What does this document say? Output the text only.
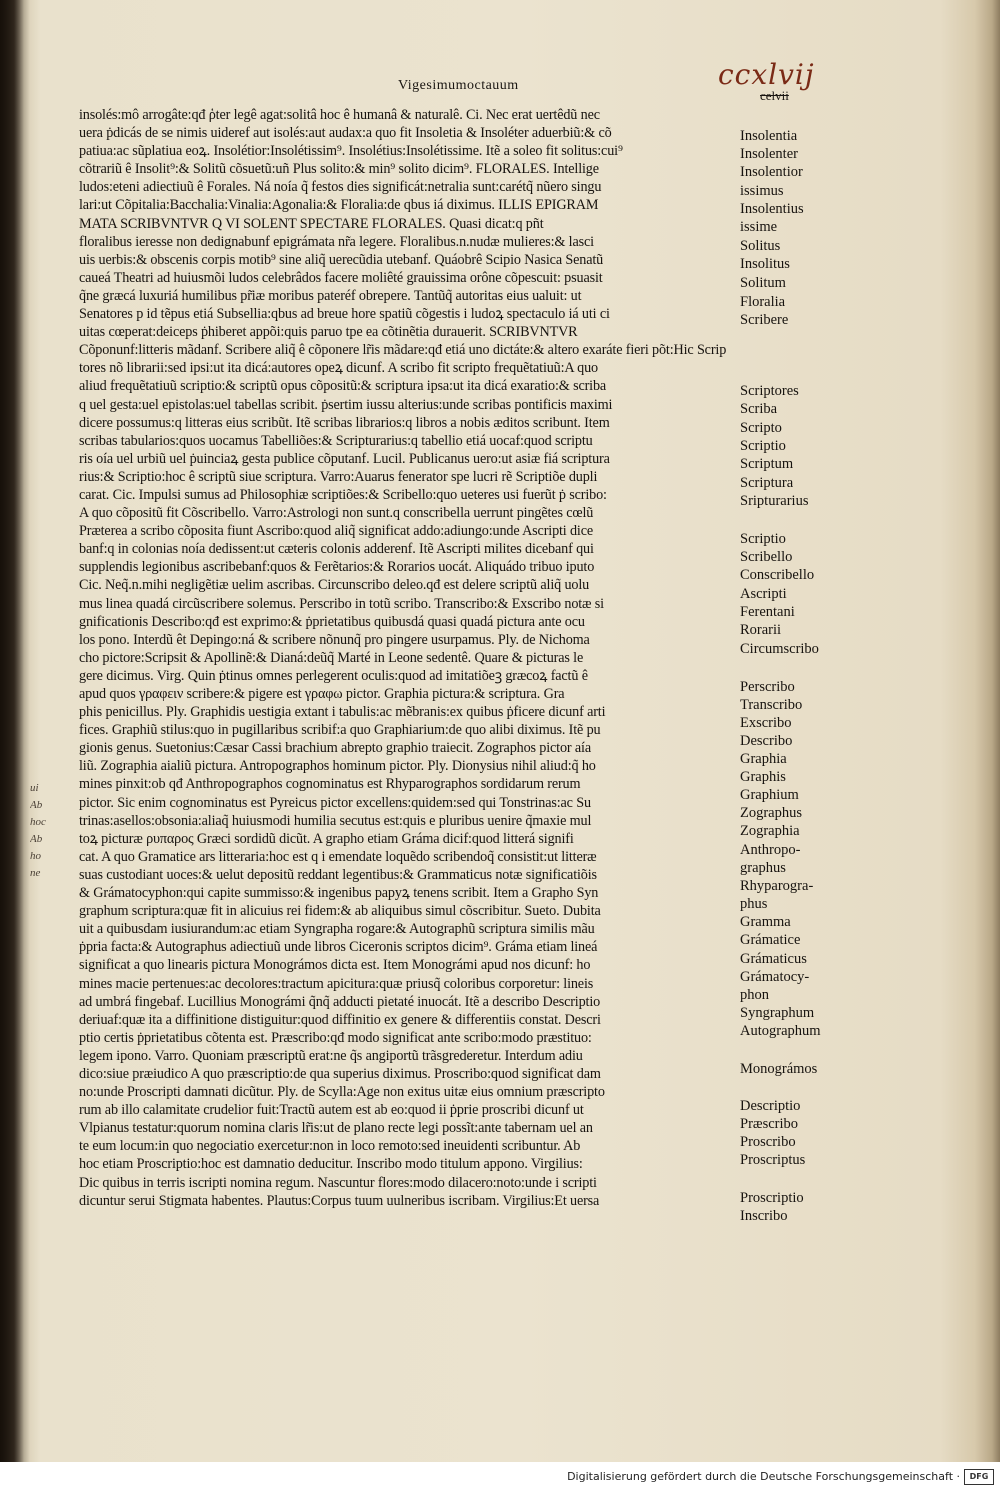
ui
Ab
hoc
Ab
ho
ne
Vigesimumoctauum	ccxlvij
celvii
insolés:mô arrogâte:qđ ῥter legê agat:solitâ hoc ê humanâ & naturalê. Ci. Nec erat uertêdũ nec
uera ṗdicás de se nimis uideref aut isolés:aut audax:a quo fit Insoletia & Insoléter aduerbiũ:& cõ
patiua:ac sũplatiua eoꝝ. Insolétior:Insolétissim⁹. Insolétius:Insolétissime. Itẽ a soleo fit solitus:cui⁹
cõtrariũ ê Insolit⁹:& Solitũ cõsuetũ:uñ Plus solito:& min⁹ solito dicim⁹. FLORALES. Intellige
ludos:eteni adiectiuũ ê Forales. Ná noía q̃ festos dies significát:netralia sunt:carétq̃ nũero singu
lari:ut Cõpitalia:Bacchalia:Vinalia:Agonalia:& Floralia:de qbus iá diximus. ILLIS EPIGRAM
MATA SCRIBVNTVR Q VI SOLENT SPECTARE FLORALES. Quasi dicat:q pñt
floralibus ieresse non dedignabunf epigrámata nr̃a legere. Floralibus.n.nudæ mulieres:& lasci
uis uerbis:& obscenis corpis motib⁹ sine aliq̃ uerecũdia utebanf. Quáobrê Scipio Nasica Senatũ
caueá Theatri ad huiusmõi ludos celebrâdos facere moliêté grauissima orône cõpescuit: psuasit
q̃ne græcá luxuriá humilibus pr̃iæ moribus pateréf obrepere. Tantũq̃ autoritas eius ualuit: ut
Senatores p id tẽpus etiá Subsellia:qbus ad breue hore spatiũ cõgestis i ludoꝝ spectaculo iá uti ci
uitas cœperat:deiceps ṗhiberet appõi:quis paruo tpe ea cõtinẽtia durauerit. SCRIBVNTVR
Cõponunf:litteris mãdanf. Scribere aliq̃ ê cõponere lr̃is mãdare:qđ etiá uno dictáte:& altero exaráte fieri põt:Hic Scrip
tores nõ librarii:sed ipsi:ut ita dicá:autores opeꝝ dicunf. A scribo fit scripto frequẽtatiuũ:A quo
aliud frequẽtatiuũ scriptio:& scriptũ opus cõpositũ:& scriptura ipsa:ut ita dicá exaratio:& scriba
q uel gesta:uel epistolas:uel tabellas scribit. ṗsertim iussu alterius:unde scribas pontificis maximi
dicere possumus:q litteras eius scribũt. Itẽ scribas librarios:q libros a nobis æditos scribunt. Item
scribas tabularios:quos uocamus Tabelliões:& Scripturarius:q tabellio etiá uocaf:quod scriptu
ris oía uel urbiũ uel ṗuinciaꝝ gesta publice cõputanf. Lucil. Publicanus uero:ut asiæ fiá scriptura
rius:& Scriptio:hoc ê scriptũ siue scriptura. Varro:Auarus fenerator spe lucri rẽ Scriptiõe dupli
carat. Cic. Impulsi sumus ad Philosophiæ scriptiões:& Scribello:quo ueteres usi fuerũt ṗ scribo:
A quo cõpositũ fit Cõscribello. Varro:Astrologi non sunt.q conscribella uerrunt pingẽtes cœlũ
Præterea a scribo cõposita fiunt Ascribo:quod aliq̃ significat addo:adiungo:unde Ascripti dice
banf:q in colonias noía dedissent:ut cæteris colonis adderenf. Itẽ Ascripti milites dicebanf qui
supplendis legionibus ascribebanf:quos & Ferẽtarios:& Rorarios uocát. Aliquádo tribuo iputo
Cic. Neq̃.n.mihi negligẽtiæ uelim ascribas. Circunscribo deleo.qđ est delere scriptũ aliq̃ uolu
mus linea quadá circũscribere solemus. Perscribo in totũ scribo. Transcribo:& Exscribo notæ si
gnificationis Describo:qđ est exprimo:& ṗprietatibus quibusdá quasi quadá pictura ante ocu
los pono. Interdũ êt Depingo:ná & scribere nõnunq̃ pro pingere usurpamus. Ply. de Nichoma
cho pictore:Scripsit & Apollinẽ:& Dianá:deũq̃ Marté in Leone sedentê. Quare & picturas le
gere dicimus. Virg. Quin ṗtinus omnes perlegerent oculis:quod ad imitatiõeꝫ græcoꝝ factũ ê
apud quos γραφειν scribere:& pigere est γραφω pictor. Graphia pictura:& scriptura. Gra
phis penicillus. Ply. Graphidis uestigia extant i tabulis:ac mẽbranis:ex quibus ṗficere dicunf arti
fices. Graphiũ stilus:quo in pugillaribus scribif:a quo Graphiarium:de quo alibi diximus. Itẽ pu
gionis genus. Suetonius:Cæsar Cassi brachium abrepto graphio traiecit. Zographos pictor aía
liũ. Zographia aialiũ pictura. Antropographos hominum pictor. Ply. Dionysius nihil aliud:q̃ ho
mines pinxit:ob qđ Anthropographos cognominatus est Rhyparographos sordidarum rerum
pictor. Sic enim cognominatus est Pyreicus pictor excellens:quidem:sed qui Tonstrinas:ac Su
trinas:asellos:obsonia:aliaq̃ huiusmodi humilia secutus est:quis e pluribus uenire q̃maxie mul
toꝝ picturæ ρυπαρος Græci sordidũ dicũt. A grapho etiam Gráma dicif:quod litterá signifi
cat. A quo Gramatice ars litteraria:hoc est q i emendate loquẽdo scribendoq̃ consistit:ut litteræ
suas custodiant uoces:& uelut depositũ reddant legentibus:& Grammaticus notæ significatiõis
& Grámatocyphon:qui capite summisso:& ingenibus papyꝝ tenens scribit. Item a Grapho Syn
graphum scriptura:quæ fit in alicuius rei fidem:& ab aliquibus simul cõscribitur. Sueto. Dubita
uit a quibusdam iusiurandum:ac etiam Syngrapha rogare:& Autographũ scriptura similis mãu
ṗpria facta:& Autographus adiectiuũ unde libros Ciceronis scriptos dicim⁹. Gráma etiam lineá
significat a quo linearis pictura Monográmos dicta est. Item Monográmi apud nos dicunf: ho
mines macie pertenues:ac decolores:tractum apicitura:quæ priusq̃ coloribus corporetur: lineis
ad umbrá fingebaf. Lucillius Monográmi q̃nq̃ adducti pietaté inuocát. Itẽ a describo Descriptio
deriuaf:quæ ita a diffinitione distiguitur:quod diffinitio ex genere & differentiis constat. Descri
ptio certis ṗprietatibus cõtenta est. Præscribo:qđ modo significat ante scribo:modo præstituo:
legem ipono. Varro. Quoniam præscriptũ erat:ne q̃s angiportũ trãsgrederetur. Interdum adiu
dico:siue præiudico A quo præscriptio:de qua superius diximus. Proscribo:quod significat dam
no:unde Proscripti damnati dicũtur. Ply. de Scylla:Age non exitus uitæ eius omnium præscripto
rum ab illo calamitate crudelior fuit:Tractũ autem est ab eo:quod ii ṗprie proscribi dicunf ut
Vlpianus testatur:quorum nomina claris lr̃is:ut de plano recte legi possĩt:ante tabernam uel an
te eum locum:in quo negociatio exercetur:non in loco remoto:sed ineuidenti scribuntur. Ab
hoc etiam Proscriptio:hoc est damnatio deducitur. Inscribo modo titulum appono. Virgilius:
Dic quibus in terris iscripti nomina regum. Nascuntur flores:modo dilacero:noto:unde i scripti
dicuntur serui Stigmata habentes. Plautus:Corpus tuum uulneribus iscribam. Virgilius:Et uersa
Insolentia
Insolenter
Insolentior
issimus
Insolentius
issime
Solitus
Insolitus
Solitum
Floralia
Scribere
Scriptores
Scriba
Scripto
Scriptio
Scriptum
Scriptura
Sripturarius
Scriptio
Scribello
Conscribello
Ascripti
Ferentani
Rorarii
Circumscribo
Perscribo
Transcribo
Exscribo
Describo
Graphia
Graphis
Graphium
Zographus
Zographia
Anthropo-
graphus
Rhyparogra-
phus
Gramma
Grámatice
Grámaticus
Grámatocy-
phon
Syngraphum
Autographum
Monográmos
Descriptio
Præscribo
Proscribo
Proscriptus
Proscriptio
Inscribo
Digitalisierung gefördert durch die Deutsche Forschungsgemeinschaft ·	DFG
